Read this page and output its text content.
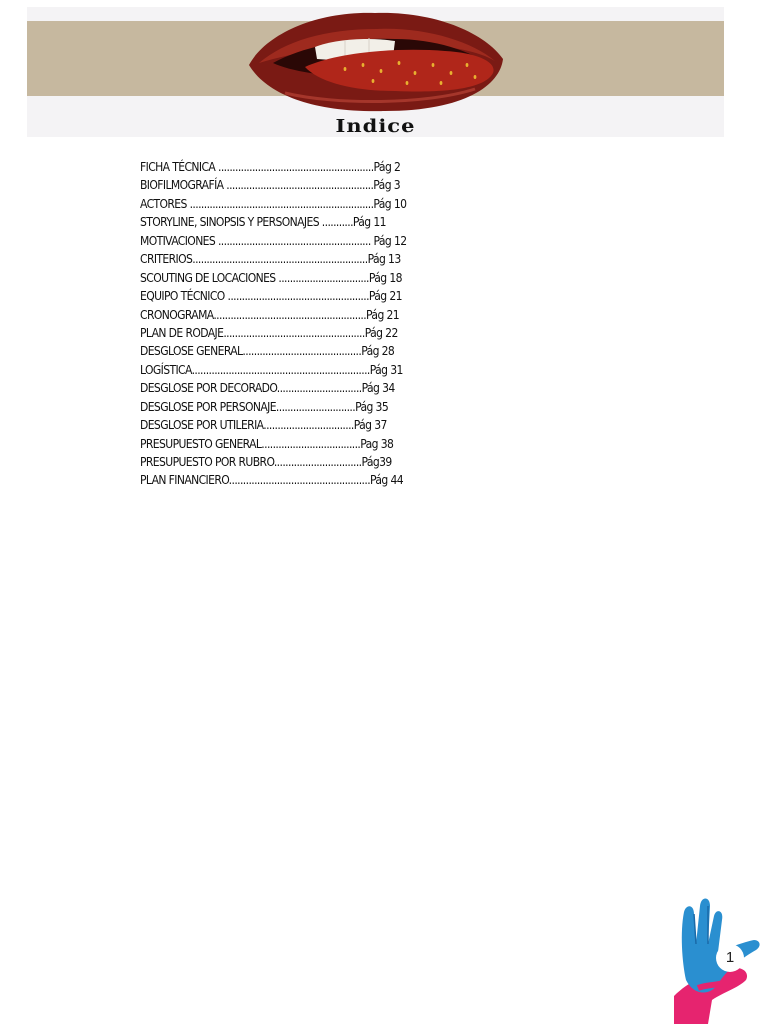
Indice
FICHA TÉCNICA .......................................................Pág 2
BIOFILMOGRAFÍA ....................................................Pág 3
ACTORES .................................................................Pág 10
STORYLINE, SINOPSIS Y PERSONAJES ...........Pág 11
MOTIVACIONES ...................................................... Pág 12
CRITERIOS..............................................................Pág 13
SCOUTING DE LOCACIONES ................................Pág 18
EQUIPO TÉCNICO ..................................................Pág 21
CRONOGRAMA......................................................Pág 21
PLAN DE RODAJE..................................................Pág 22
DESGLOSE GENERAL..........................................Pág 28
LOGÍSTICA...............................................................Pág 31
DESGLOSE POR DECORADO..............................Pág 34
DESGLOSE POR PERSONAJE............................Pág 35
DESGLOSE POR UTILERIA................................Pág 37
PRESUPUESTO GENERAL...................................Pag 38
PRESUPUESTO POR RUBRO...............................Pág39
PLAN FINANCIERO..................................................Pág 44
1
